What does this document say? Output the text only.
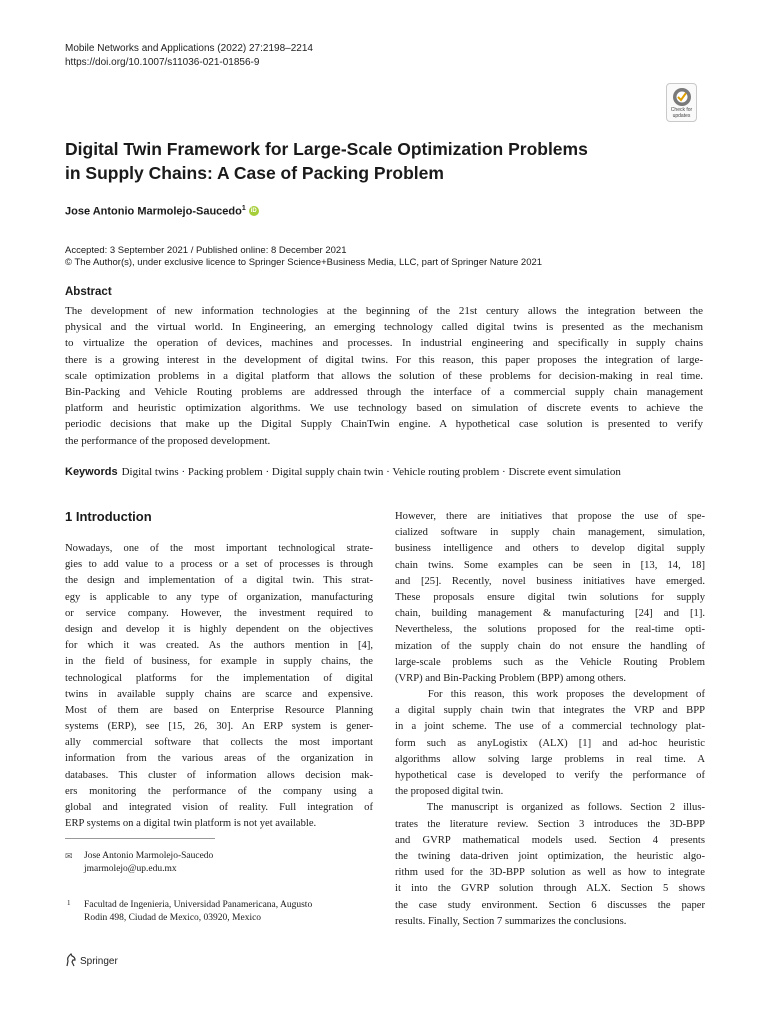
Mobile Networks and Applications (2022) 27:2198–2214
https://doi.org/10.1007/s11036-021-01856-9
Check for
updates
Digital Twin Framework for Large-Scale Optimization Problems
in Supply Chains: A Case of Packing Problem
Jose Antonio Marmolejo-Saucedo$^1$ iD
Accepted: 3 September 2021 / Published online: 8 December 2021
© The Author(s), under exclusive licence to Springer Science+Business Media, LLC, part of Springer Nature 2021
Abstract
The development of new information technologies at the beginning of the 21st century allows the integration between the
physical and the virtual world. In Engineering, an emerging technology called digital twins is presented as the mechanism
to virtualize the operation of devices, machines and processes. In industrial engineering and specifically in supply chains
there is a growing interest in the development of digital twins. For this reason, this paper proposes the integration of large-
scale optimization problems in a digital platform that allows the solution of these problems for decision-making in real time.
Bin-Packing and Vehicle Routing problems are addressed through the interface of a commercial supply chain management
platform and heuristic optimization algorithms. We use technology based on simulation of discrete events to achieve the
periodic decisions that make up the Digital Supply ChainTwin engine. A hypothetical case solution is presented to verify
the performance of the proposed development.
Keywords Digital twins · Packing problem · Digital supply chain twin · Vehicle routing problem · Discrete event simulation
1 Introduction
Nowadays, one of the most important technological strate-
gies to add value to a process or a set of processes is through
the design and implementation of a digital twin. This strat-
egy is applicable to any type of organization, manufacturing
or service company. However, the investment required to
design and develop it is highly dependent on the objectives
for which it was created. As the authors mention in [4],
in the field of business, for example in supply chains, the
technological platforms for the implementation of digital
twins in available supply chains are scarce and expensive.
Most of them are based on Enterprise Resource Planning
systems (ERP), see [15, 26, 30]. An ERP system is gener-
ally commercial software that collects the most important
information from the various areas of the organization in
databases. This cluster of information allows decision mak-
ers monitoring the performance of the company using a
global and integrated vision of reality. Full integration of
ERP systems on a digital twin platform is not yet available.
However, there are initiatives that propose the use of spe-
cialized software in supply chain management, simulation,
business intelligence and others to develop digital supply
chain twins. Some examples can be seen in [13, 14, 18]
and [25]. Recently, novel business initiatives have emerged.
These proposals ensure digital twin solutions for supply
chain, building management & manufacturing [24] and [1].
Nevertheless, the solutions proposed for the real-time opti-
mization of the supply chain do not ensure the handling of
large-scale problems such as the Vehicle Routing Problem
(VRP) and Bin-Packing Problem (BPP) among others.
For this reason, this work proposes the development of
a digital supply chain twin that integrates the VRP and BPP
in a joint scheme. The use of a commercial technology plat-
form such as anyLogistix (ALX) [1] and ad-hoc heuristic
algorithms allow solving large problems in real time. A
hypothetical case is developed to verify the performance of
the proposed digital twin.
The manuscript is organized as follows. Section 2 illus-
trates the literature review. Section 3 introduces the 3D-BPP
and GVRP mathematical models used. Section 4 presents
the twining data-driven joint optimization, the heuristic algo-
rithm used for the 3D-BPP solution as well as how to integrate
it into the GVRP solution through ALX. Section 5 shows
the case study environment. Section 6 discusses the paper
results. Finally, Section 7 summarizes the conclusions.
✉ Jose Antonio Marmolejo-Saucedo
jmarmolejo@up.edu.mx
1 Facultad de Ingenieria, Universidad Panamericana, Augusto
Rodin 498, Ciudad de Mexico, 03920, Mexico
Springer
